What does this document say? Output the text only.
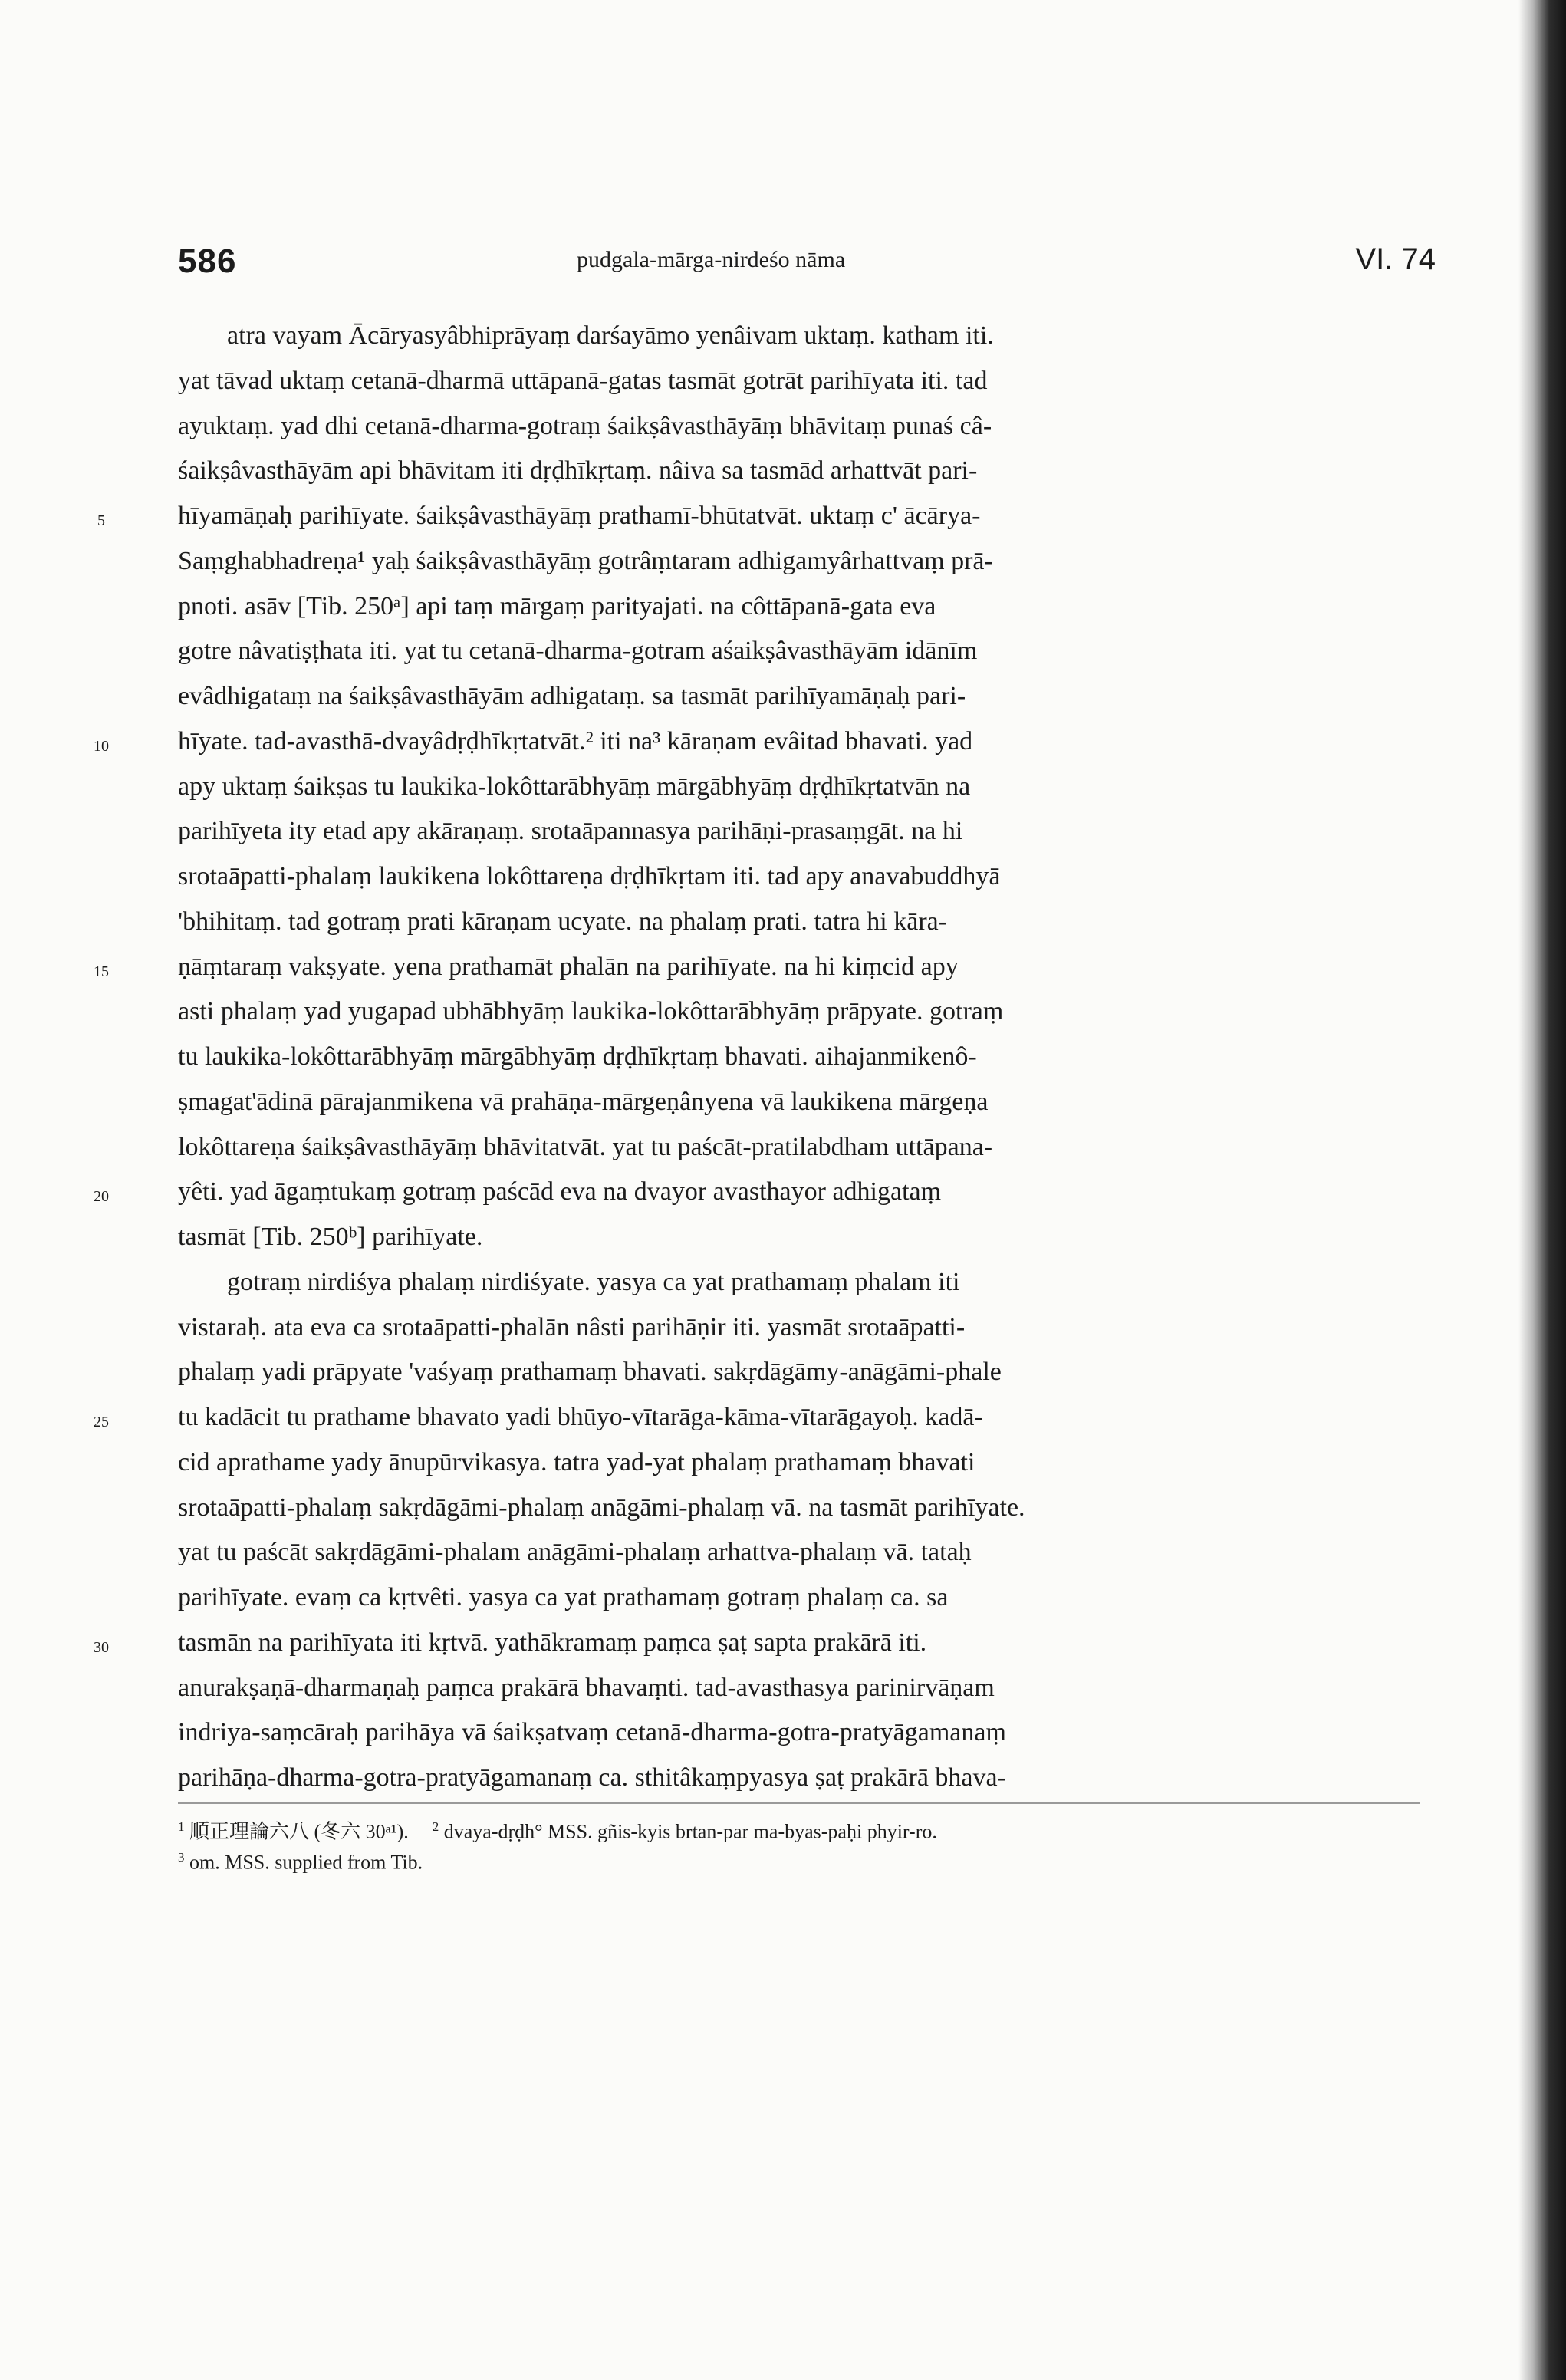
586	pudgala-mārga-nirdeśo nāma	VI. 74
atra vayam Ācāryasyâbhiprāyaṃ darśayāmo yenâivam uktaṃ. katham iti.
yat tāvad uktaṃ cetanā-dharmā uttāpanā-gatas tasmāt gotrāt parihīyata iti. tad
ayuktaṃ. yad dhi cetanā-dharma-gotraṃ śaikṣâvasthāyāṃ bhāvitaṃ punaś câ-
śaikṣâvasthāyām api bhāvitam iti dṛḍhīkṛtaṃ. nâiva sa tasmād arhattvāt pari-
5	hīyamāṇaḥ parihīyate. śaikṣâvasthāyāṃ prathamī-bhūtatvāt. uktaṃ c' ācārya-
Saṃghabhadreṇa¹ yaḥ śaikṣâvasthāyāṃ gotrâṃtaram adhigamyârhattvaṃ prā-
pnoti. asāv [Tib. 250ᵃ] api taṃ mārgaṃ parityajati. na côttāpanā-gata eva
gotre nâvatiṣṭhata iti. yat tu cetanā-dharma-gotram aśaikṣâvasthāyām idānīm
evâdhigataṃ na śaikṣâvasthāyām adhigataṃ. sa tasmāt parihīyamāṇaḥ pari-
10	hīyate. tad-avasthā-dvayâdṛḍhīkṛtatvāt.² iti na³ kāraṇam evâitad bhavati. yad
apy uktaṃ śaikṣas tu laukika-lokôttarābhyāṃ mārgābhyāṃ dṛḍhīkṛtatvān na
parihīyeta ity etad apy akāraṇaṃ. srotaāpannasya parihāṇi-prasaṃgāt. na hi
srotaāpatti-phalaṃ laukikena lokôttareṇa dṛḍhīkṛtam iti. tad apy anavabuddhyā
'bhihitaṃ. tad gotraṃ prati kāraṇam ucyate. na phalaṃ prati. tatra hi kāra-
15	ṇāṃtaraṃ vakṣyate. yena prathamāt phalān na parihīyate. na hi kiṃcid apy
asti phalaṃ yad yugapad ubhābhyāṃ laukika-lokôttarābhyāṃ prāpyate. gotraṃ
tu laukika-lokôttarābhyāṃ mārgābhyāṃ dṛḍhīkṛtaṃ bhavati. aihajanmikenô-
ṣmagat'ādinā pārajanmikena vā prahāṇa-mārgeṇânyena vā laukikena mārgeṇa
lokôttareṇa śaikṣâvasthāyāṃ bhāvitatvāt. yat tu paścāt-pratilabdham uttāpana-
20	yêti. yad āgaṃtukaṃ gotraṃ paścād eva na dvayor avasthayor adhigataṃ
tasmāt [Tib. 250ᵇ] parihīyate.
gotraṃ nirdiśya phalaṃ nirdiśyate. yasya ca yat prathamaṃ phalam iti
vistaraḥ. ata eva ca srotaāpatti-phalān nâsti parihāṇir iti. yasmāt srotaāpatti-
phalaṃ yadi prāpyate 'vaśyaṃ prathamaṃ bhavati. sakṛdāgāmy-anāgāmi-phale
25	tu kadācit tu prathame bhavato yadi bhūyo-vītarāga-kāma-vītarāgayoḥ. kadā-
cid aprathame yady ānupūrvikasya. tatra yad-yat phalaṃ prathamaṃ bhavati
srotaāpatti-phalaṃ sakṛdāgāmi-phalaṃ anāgāmi-phalaṃ vā. na tasmāt parihīyate.
yat tu paścāt sakṛdāgāmi-phalam anāgāmi-phalaṃ arhattva-phalaṃ vā. tataḥ
parihīyate. evaṃ ca kṛtvêti. yasya ca yat prathamaṃ gotraṃ phalaṃ ca. sa
30	tasmān na parihīyata iti kṛtvā. yathākramaṃ paṃca ṣaṭ sapta prakārā iti.
anurakṣaṇā-dharmaṇaḥ paṃca prakārā bhavaṃti. tad-avasthasya parinirvāṇam
indriya-saṃcāraḥ parihāya vā śaikṣatvaṃ cetanā-dharma-gotra-pratyāgamanaṃ
parihāṇa-dharma-gotra-pratyāgamanaṃ ca. sthitâkaṃpyasya ṣaṭ prakārā bhava-
$^1$ 順正理論六八 (冬六 30ᵃ¹). $^2$ dvaya-dṛḍh° MSS. gñis-kyis brtan-par ma-byas-paḥi phyir-ro.
$^3$ om. MSS. supplied from Tib.
